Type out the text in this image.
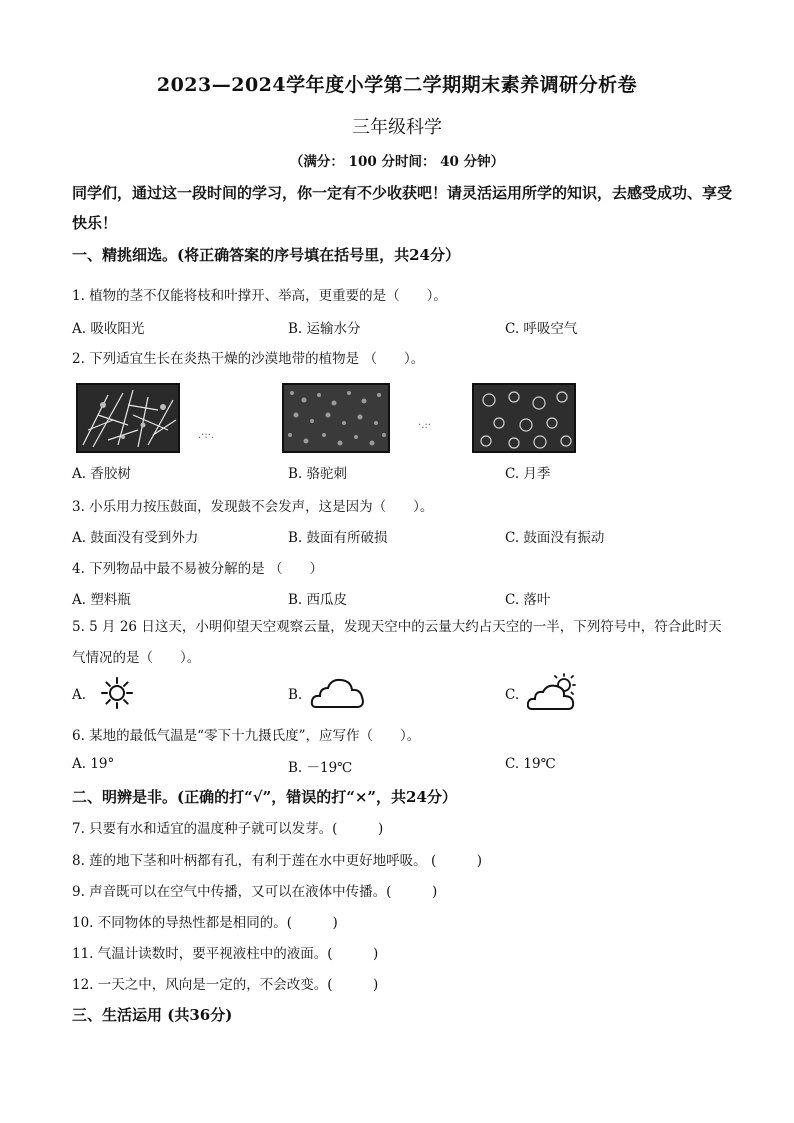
2023—2024学年度小学第二学期期末素养调研分析卷
三年级科学
（满分： 100 分时间： 40 分钟）
同学们，通过这一段时间的学习，你一定有不少收获吧！请灵活运用所学的知识，去感受成功、享受快乐！
一、精挑细选。(将正确答案的序号填在括号里，共24分）
1. 植物的茎不仅能将枝和叶撑开、举高，更重要的是（　　）。
A. 吸收阳光	B. 运输水分	C. 呼吸空气
2. 下列适宜生长在炎热干燥的沙漠地带的植物是 （　　）。
.·:·.
·.:·
A. 香胶树	B. 骆驼刺	C. 月季
3. 小乐用力按压鼓面，发现鼓不会发声，这是因为（　　）。
A. 鼓面没有受到外力	B. 鼓面有所破损	C. 鼓面没有振动
4. 下列物品中最不易被分解的是 （　　）
A. 塑料瓶	B. 西瓜皮	C. 落叶
5. 5 月 26 日这天，小明仰望天空观察云量，发现天空中的云量大约占天空的一半，下列符号中，符合此时天气情况的是（　　）。
A.	B.	C.
6. 某地的最低气温是“零下十九摄氏度”，应写作（　　）。
A. 19°	B. －19℃	C. 19℃
二、明辨是非。(正确的打“√”，错误的打“×”，共24分）
7. 只要有水和适宜的温度种子就可以发芽。(　　　)
8. 莲的地下茎和叶柄都有孔，有利于莲在水中更好地呼吸。 (　　　)
9. 声音既可以在空气中传播，又可以在液体中传播。(　　　)
10. 不同物体的导热性都是相同的。(　　　)
11. 气温计读数时，要平视液柱中的液面。(　　　)
12. 一天之中，风向是一定的，不会改变。(　　　)
三、生活运用 (共36分)
